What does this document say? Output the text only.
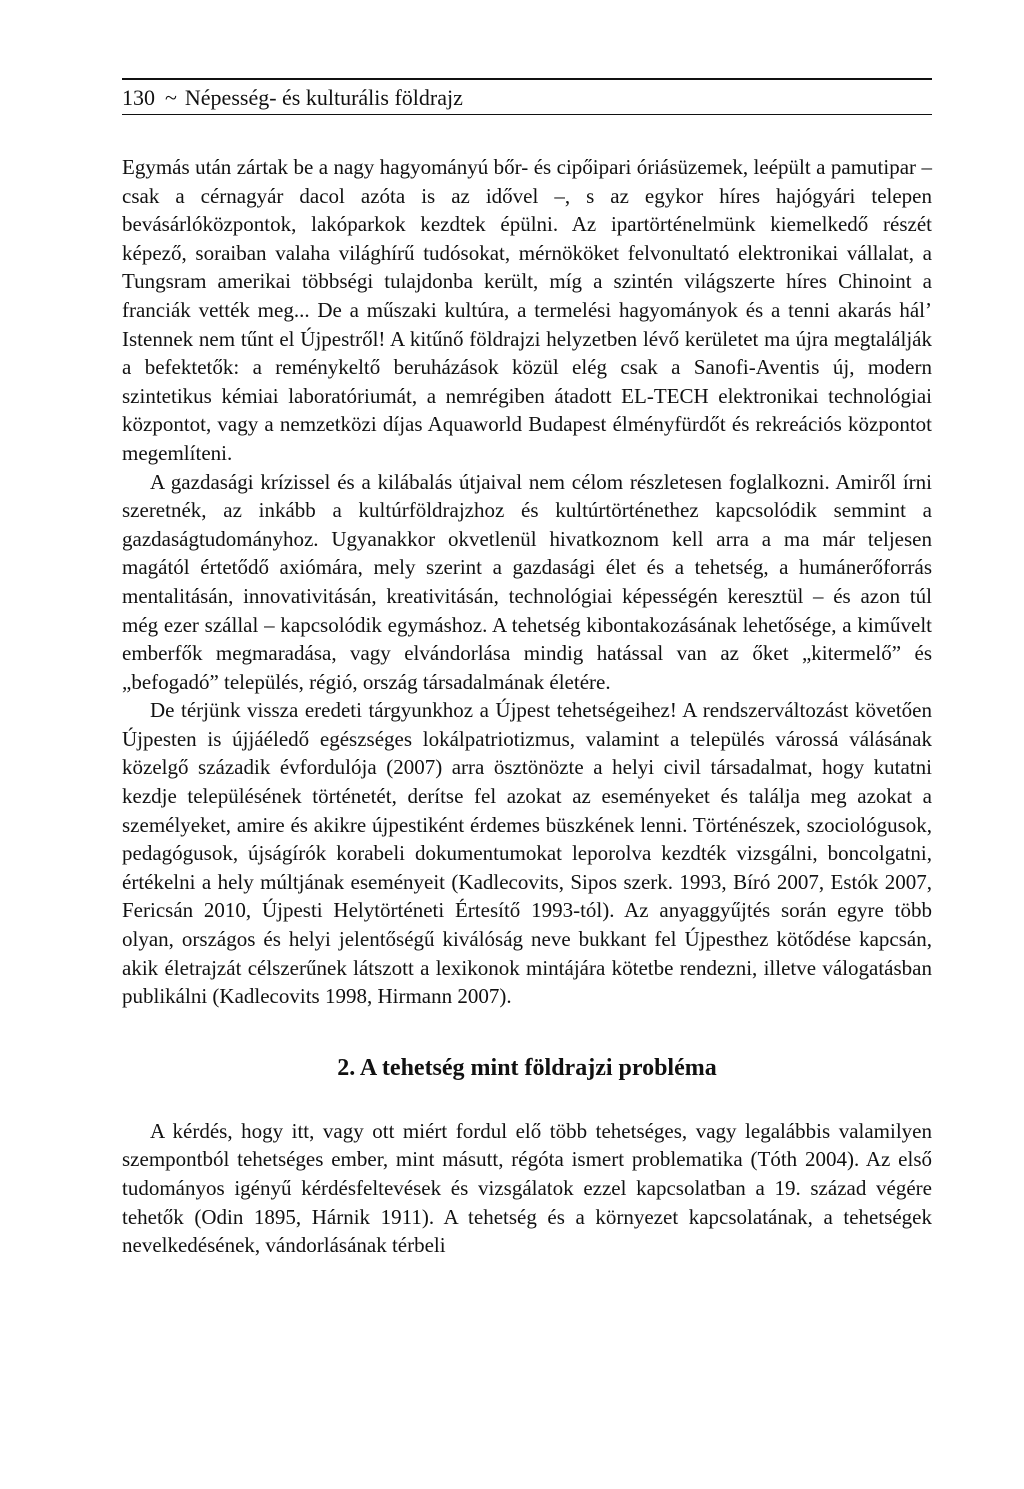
130 ~ Népesség- és kulturális földrajz

Egymás után zártak be a nagy hagyományú bőr- és cipőipari óriásüzemek, leépült a pamutipar – csak a cérnagyár dacol azóta is az idővel –, s az egykor híres hajógyári telepen bevásárlóközpontok, lakóparkok kezdtek épülni. Az ipartörténelmünk kiemelkedő részét képező, soraiban valaha világhírű tudósokat, mérnököket felvonultató elektronikai vállalat, a Tungsram amerikai többségi tulajdonba került, míg a szintén világszerte híres Chinoint a franciák vették meg... De a műszaki kultúra, a termelési hagyományok és a tenni akarás hál’ Istennek nem tűnt el Újpestről! A kitűnő földrajzi helyzetben lévő kerületet ma újra megtalálják a befektetők: a reménykeltő beruházások közül elég csak a Sanofi-Aventis új, modern szintetikus kémiai laboratóriumát, a nemrégiben átadott EL-TECH elektronikai technológiai központot, vagy a nemzetközi díjas Aquaworld Budapest élményfürdőt és rekreációs központot megemlíteni.

A gazdasági krízissel és a kilábalás útjaival nem célom részletesen foglalkozni. Amiről írni szeretnék, az inkább a kultúrföldrajzhoz és kultúrtörténethez kapcsolódik semmint a gazdaságtudományhoz. Ugyanakkor okvetlenül hivatkoznom kell arra a ma már teljesen magától értetődő axiómára, mely szerint a gazdasági élet és a tehetség, a humánerőforrás mentalitásán, innovativitásán, kreativitásán, technológiai képességén keresztül – és azon túl még ezer szállal – kapcsolódik egymáshoz. A tehetség kibontakozásának lehetősége, a kiművelt emberfők megmaradása, vagy elvándorlása mindig hatással van az őket „kitermelő” és „befogadó” település, régió, ország társadalmának életére.

De térjünk vissza eredeti tárgyunkhoz a Újpest tehetségeihez! A rendszerváltozást követően Újpesten is újjáéledő egészséges lokálpatriotizmus, valamint a település várossá válásának közelgő századik évfordulója (2007) arra ösztönözte a helyi civil társadalmat, hogy kutatni kezdje településének történetét, derítse fel azokat az eseményeket és találja meg azokat a személyeket, amire és akikre újpestiként érdemes büszkének lenni. Történészek, szociológusok, pedagógusok, újságírók korabeli dokumentumokat leporolva kezdték vizsgálni, boncolgatni, értékelni a hely múltjának eseményeit (Kadlecovits, Sipos szerk. 1993, Bíró 2007, Estók 2007, Fericsán 2010, Újpesti Helytörténeti Értesítő 1993-tól). Az anyaggyűjtés során egyre több olyan, országos és helyi jelentőségű kiválóság neve bukkant fel Újpesthez kötődése kapcsán, akik életrajzát célszerűnek látszott a lexikonok mintájára kötetbe rendezni, illetve válogatásban publikálni (Kadlecovits 1998, Hirmann 2007).

2. A tehetség mint földrajzi probléma

A kérdés, hogy itt, vagy ott miért fordul elő több tehetséges, vagy legalábbis valamilyen szempontból tehetséges ember, mint másutt, régóta ismert problematika (Tóth 2004). Az első tudományos igényű kérdésfeltevések és vizsgálatok ezzel kapcsolatban a 19. század végére tehetők (Odin 1895, Hárnik 1911). A tehetség és a környezet kapcsolatának, a tehetségek nevelkedésének, vándorlásának térbeli
